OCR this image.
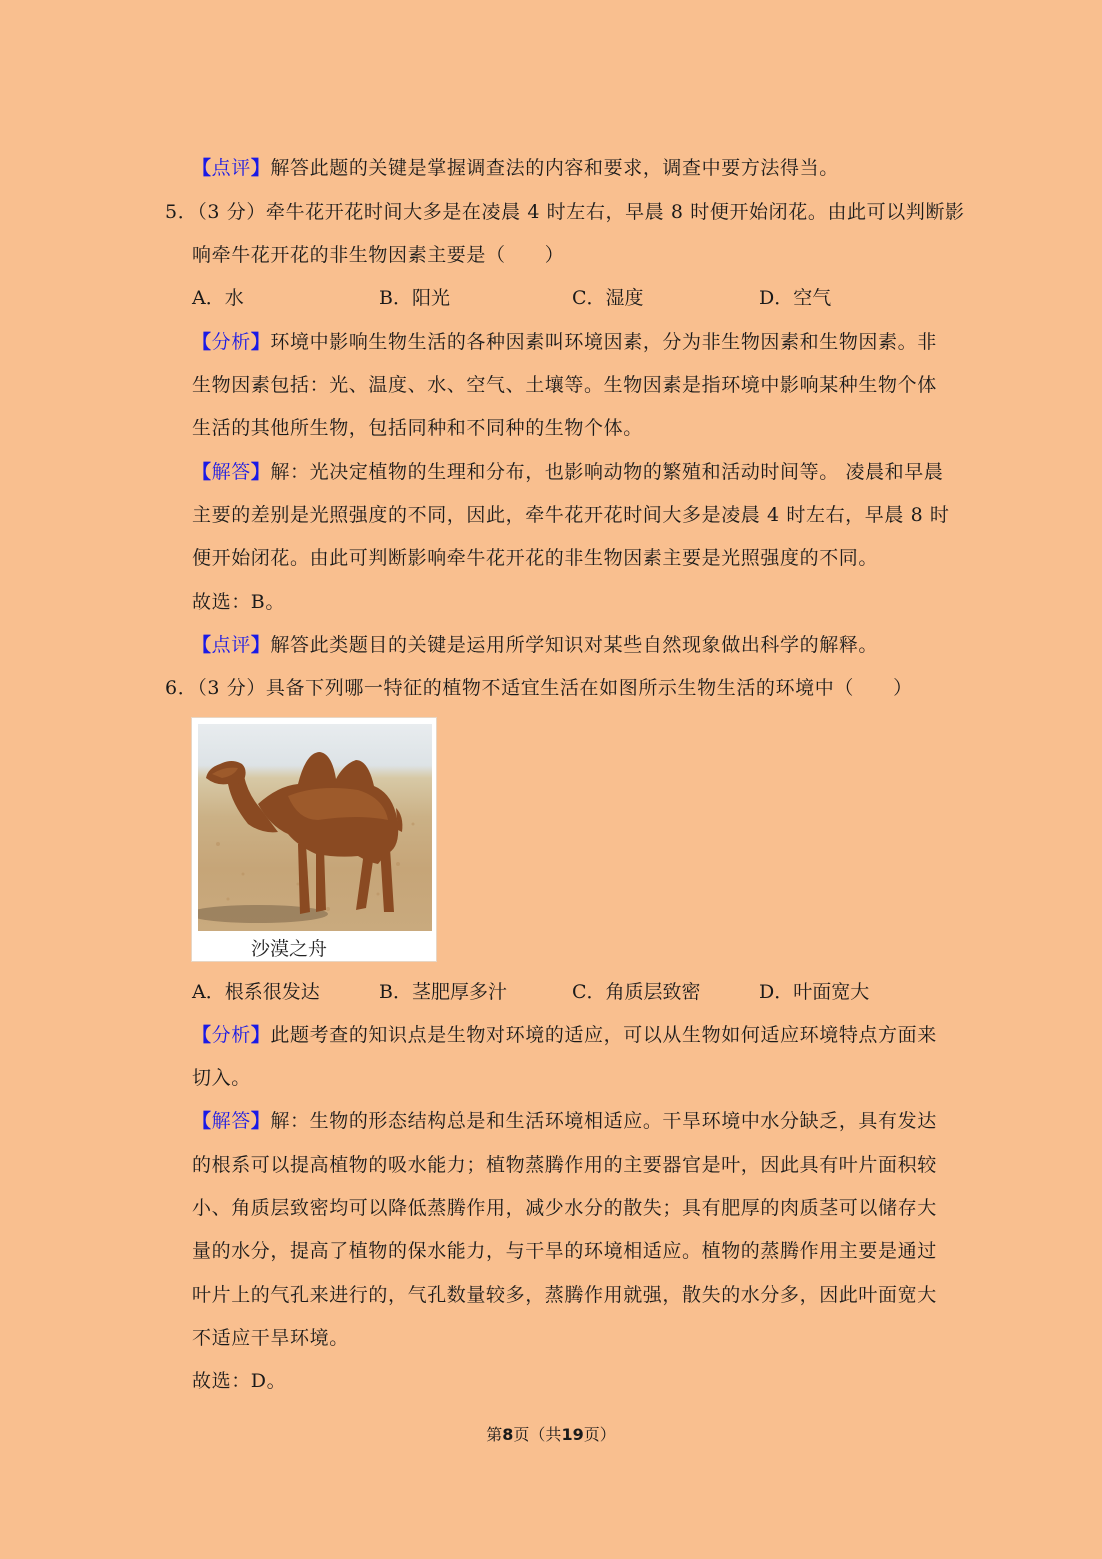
【点评】解答此题的关键是掌握调查法的内容和要求，调查中要方法得当。
5．（3 分）牵牛花开花时间大多是在凌晨 4 时左右，早晨 8 时便开始闭花。由此可以判断影
响牵牛花开花的非生物因素主要是（　　）
A．水	B．阳光	C．湿度	D．空气
【分析】环境中影响生物生活的各种因素叫环境因素，分为非生物因素和生物因素。非
生物因素包括：光、温度、水、空气、土壤等。生物因素是指环境中影响某种生物个体
生活的其他所生物，包括同种和不同种的生物个体。
【解答】解：光决定植物的生理和分布，也影响动物的繁殖和活动时间等。 凌晨和早晨
主要的差别是光照强度的不同，因此，牵牛花开花时间大多是凌晨 4 时左右，早晨 8 时
便开始闭花。由此可判断影响牵牛花开花的非生物因素主要是光照强度的不同。
故选：B。
【点评】解答此类题目的关键是运用所学知识对某些自然现象做出科学的解释。
6．（3 分）具备下列哪一特征的植物不适宜生活在如图所示生物生活的环境中（　　）
沙漠之舟
A．根系很发达	B．茎肥厚多汁	C．角质层致密	D．叶面宽大
【分析】此题考查的知识点是生物对环境的适应，可以从生物如何适应环境特点方面来
切入。
【解答】解：生物的形态结构总是和生活环境相适应。干旱环境中水分缺乏，具有发达
的根系可以提高植物的吸水能力；植物蒸腾作用的主要器官是叶，因此具有叶片面积较
小、角质层致密均可以降低蒸腾作用，减少水分的散失；具有肥厚的肉质茎可以储存大
量的水分，提高了植物的保水能力，与干旱的环境相适应。植物的蒸腾作用主要是通过
叶片上的气孔来进行的，气孔数量较多，蒸腾作用就强，散失的水分多，因此叶面宽大
不适应干旱环境。
故选：D。
第8页（共19页）
